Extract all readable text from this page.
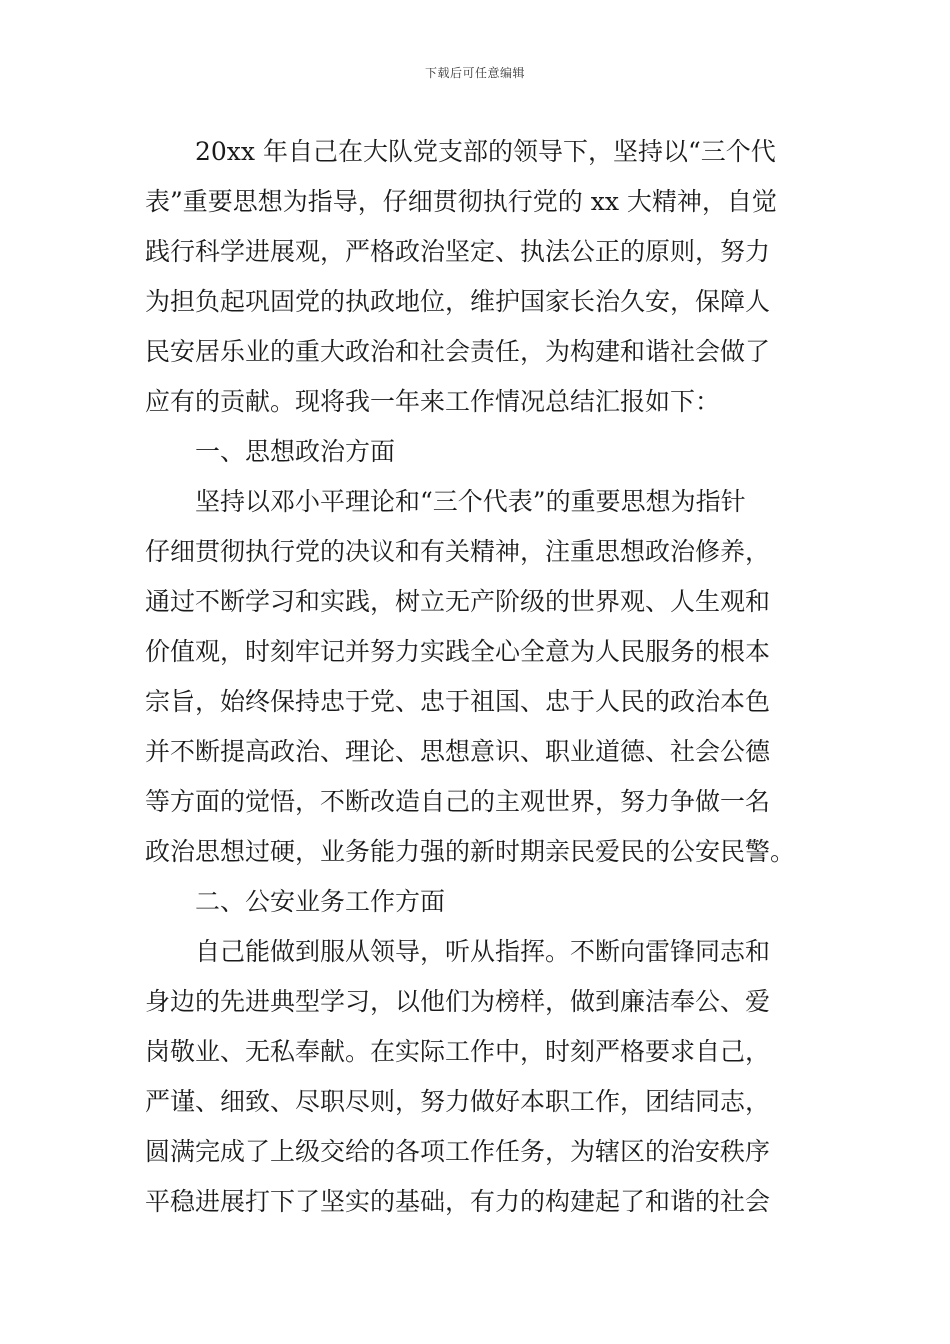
下载后可任意编辑
20xx 年自己在大队党支部的领导下，坚持以“三个代
表”重要思想为指导，仔细贯彻执行党的 xx 大精神，自觉
践行科学进展观，严格政治坚定、执法公正的原则，努力
为担负起巩固党的执政地位，维护国家长治久安，保障人
民安居乐业的重大政治和社会责任，为构建和谐社会做了
应有的贡献。现将我一年来工作情况总结汇报如下：
一、思想政治方面
坚持以邓小平理论和“三个代表”的重要思想为指针
仔细贯彻执行党的决议和有关精神，注重思想政治修养，
通过不断学习和实践，树立无产阶级的世界观、人生观和
价值观，时刻牢记并努力实践全心全意为人民服务的根本
宗旨，始终保持忠于党、忠于祖国、忠于人民的政治本色
并不断提高政治、理论、思想意识、职业道德、社会公德
等方面的觉悟，不断改造自己的主观世界，努力争做一名
政治思想过硬，业务能力强的新时期亲民爱民的公安民警。
二、公安业务工作方面
自己能做到服从领导，听从指挥。不断向雷锋同志和
身边的先进典型学习，以他们为榜样，做到廉洁奉公、爱
岗敬业、无私奉献。在实际工作中，时刻严格要求自己，
严谨、细致、尽职尽则，努力做好本职工作，团结同志，
圆满完成了上级交给的各项工作任务，为辖区的治安秩序
平稳进展打下了坚实的基础，有力的构建起了和谐的社会
